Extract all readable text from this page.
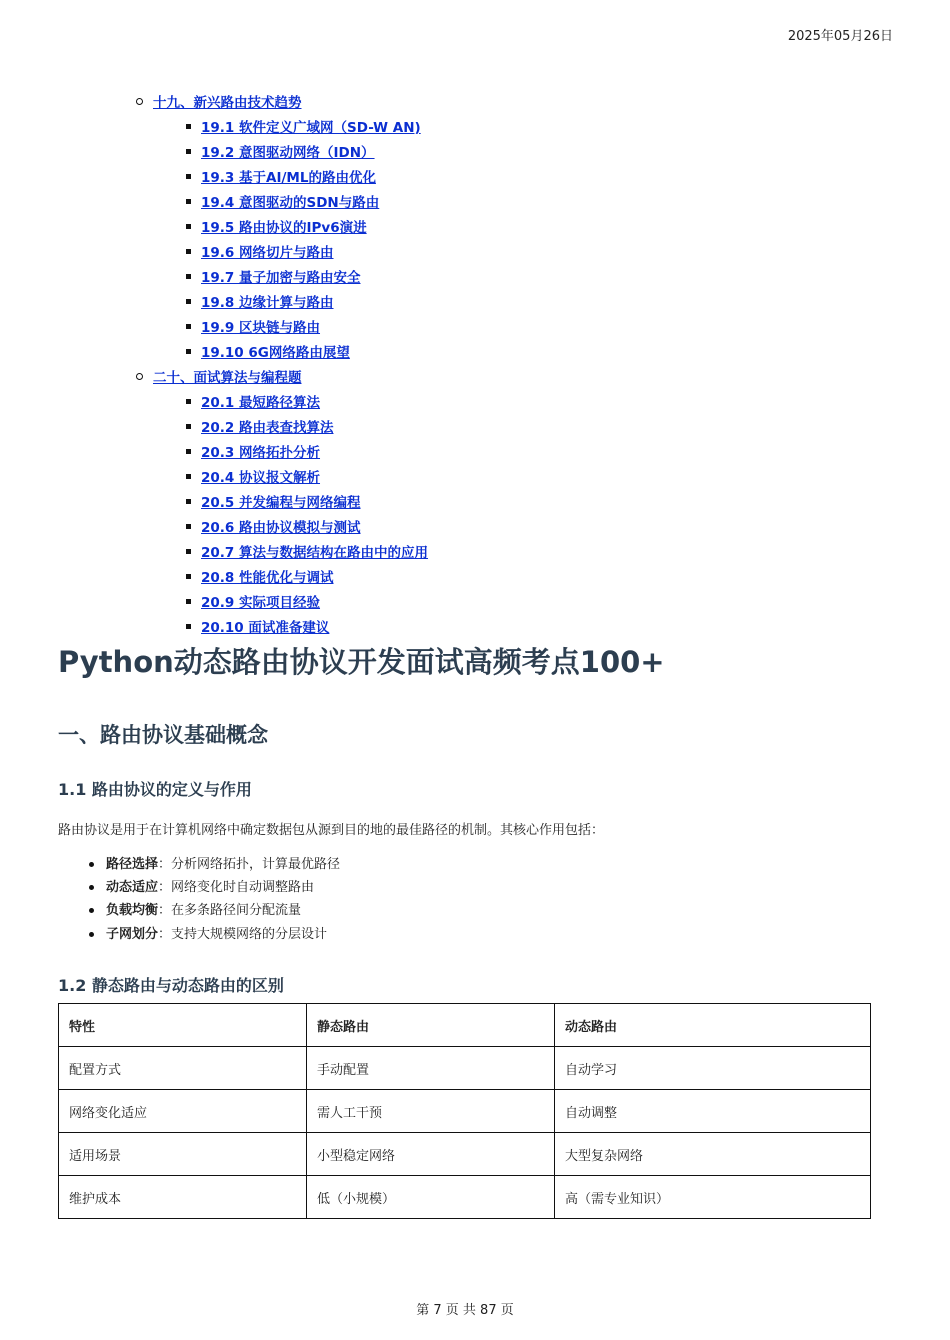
2025年05月26日
十九、新兴路由技术趋势
19.1 软件定义广域网（SD-W AN)
19.2 意图驱动网络（IDN）
19.3 基于AI/ML的路由优化
19.4 意图驱动的SDN与路由
19.5 路由协议的IPv6演进
19.6 网络切片与路由
19.7 量子加密与路由安全
19.8 边缘计算与路由
19.9 区块链与路由
19.10 6G网络路由展望
二十、面试算法与编程题
20.1 最短路径算法
20.2 路由表查找算法
20.3 网络拓扑分析
20.4 协议报文解析
20.5 并发编程与网络编程
20.6 路由协议模拟与测试
20.7 算法与数据结构在路由中的应用
20.8 性能优化与调试
20.9 实际项目经验
20.10 面试准备建议
Python动态路由协议开发面试高频考点100+
一、路由协议基础概念
1.1 路由协议的定义与作用

路由协议是用于在计算机网络中确定数据包从源到目的地的最佳路径的机制。其核心作用包括：

路径选择：分析网络拓扑，计算最优路径
动态适应：网络变化时自动调整路由
负载均衡：在多条路径间分配流量
子网划分：支持大规模网络的分层设计
1.2 静态路由与动态路由的区别
特性	静态路由	动态路由
配置方式	手动配置	自动学习
网络变化适应	需人工干预	自动调整
适用场景	小型稳定网络	大型复杂网络
维护成本	低（小规模）	高（需专业知识）
第 7 页 共 87 页
